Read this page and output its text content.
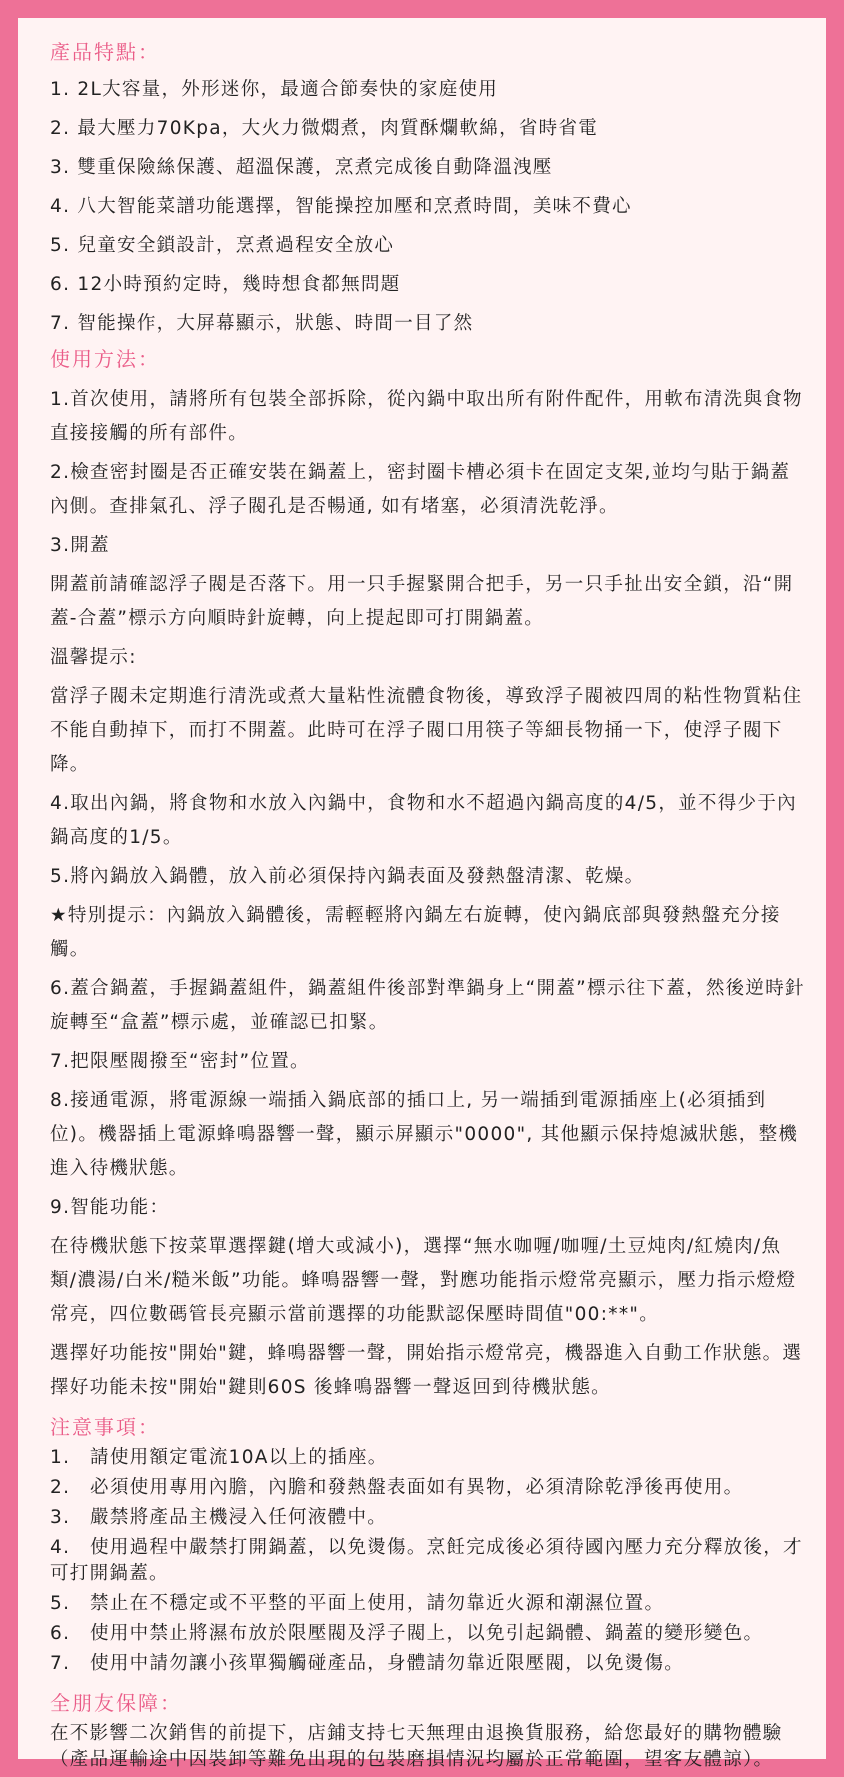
產品特點：
1. 2L大容量，外形迷你，最適合節奏快的家庭使用
2. 最大壓力70Kpa，大火力微燜煮，肉質酥爛軟綿，省時省電
3. 雙重保險絲保護、超溫保護，烹煮完成後自動降溫洩壓
4. 八大智能菜譜功能選擇，智能操控加壓和烹煮時間，美味不費心
5. 兒童安全鎖設計，烹煮過程安全放心
6. 12小時預約定時，幾時想食都無問題
7. 智能操作，大屏幕顯示，狀態、時間一目了然
使用方法：
1.首次使用，請將所有包裝全部拆除，從內鍋中取出所有附件配件，用軟布清洗與食物直接接觸的所有部件。
2.檢查密封圈是否正確安裝在鍋蓋上，密封圈卡槽必須卡在固定支架,並均勻貼于鍋蓋內側。查排氣孔、浮子閥孔是否暢通, 如有堵塞，必須清洗乾淨。
3.開蓋
開蓋前請確認浮子閥是否落下。用一只手握緊開合把手，另一只手扯出安全鎖，沿“開蓋-合蓋”標示方向順時針旋轉，向上提起即可打開鍋蓋。
溫馨提示:
當浮子閥未定期進行清洗或煮大量粘性流體食物後，導致浮子閥被四周的粘性物質粘住不能自動掉下，而打不開蓋。此時可在浮子閥口用筷子等細長物捅一下，使浮子閥下降。
4.取出內鍋，將食物和水放入內鍋中，食物和水不超過內鍋高度的4/5，並不得少于內鍋高度的1/5。
5.將內鍋放入鍋體，放入前必須保持內鍋表面及發熱盤清潔、乾燥。
★特別提示：內鍋放入鍋體後，需輕輕將內鍋左右旋轉，使內鍋底部與發熱盤充分接觸。
6.蓋合鍋蓋，手握鍋蓋組件，鍋蓋組件後部對準鍋身上“開蓋”標示往下蓋，然後逆時針旋轉至“盒蓋”標示處，並確認已扣緊。
7.把限壓閥撥至“密封”位置。
8.接通電源，將電源線一端插入鍋底部的插口上, 另一端插到電源插座上(必須插到位)。機器插上電源蜂鳴器響一聲，顯示屏顯示"0000", 其他顯示保持熄滅狀態，整機進入待機狀態。
9.智能功能：
在待機狀態下按菜單選擇鍵(增大或減小)，選擇“無水咖喱/咖喱/土豆炖肉/紅燒肉/魚類/濃湯/白米/糙米飯”功能。蜂鳴器響一聲，對應功能指示燈常亮顯示，壓力指示燈燈常亮，四位數碼管長亮顯示當前選擇的功能默認保壓時間值"00:**"。
選擇好功能按"開始"鍵，蜂鳴器響一聲，開始指示燈常亮，機器進入自動工作狀態。選擇好功能未按"開始"鍵則60S 後蜂鳴器響一聲返回到待機狀態。
注意事項：
1.　請使用額定電流10A以上的插座。
2.　必須使用專用內膽，內膽和發熱盤表面如有異物，必須清除乾淨後再使用。
3.　嚴禁將產品主機浸入任何液體中。
4.　使用過程中嚴禁打開鍋蓋，以免燙傷。烹飪完成後必須待國內壓力充分釋放後，才可打開鍋蓋。
5.　禁止在不穩定或不平整的平面上使用，請勿靠近火源和潮濕位置。
6.　使用中禁止將濕布放於限壓閥及浮子閥上，以免引起鍋體、鍋蓋的變形變色。
7.　使用中請勿讓小孩單獨觸碰產品，身體請勿靠近限壓閥，以免燙傷。
全朋友保障：
在不影響二次銷售的前提下，店鋪支持七天無理由退換貨服務，給您最好的購物體驗（產品運輸途中因裝卸等難免出現的包裝磨損情況均屬於正常範圍，望客友體諒）。
